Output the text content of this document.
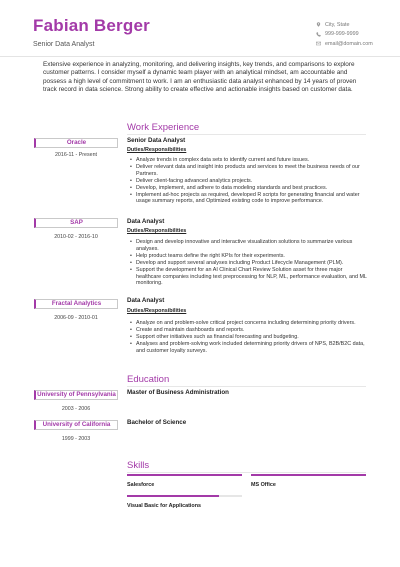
Fabian Berger
Senior Data Analyst
City, State
999-999-9999
email@domain.com
Extensive experience in analyzing, monitoring, and delivering insights, key trends, and comparisons to explore customer patterns. I consider myself a dynamic team player with an analytical mindset, am accountable and possess a high level of commitment to work. I am an enthusiastic data analyst enhanced by 14 years of proven track record in data science. Strong ability to create effective and actionable insights based on customer data.
Work Experience
Oracle
2016-11 - Present
Senior Data Analyst
Duties/Responsibilities
• Analyze trends in complex data sets to identify current and future issues.
• Deliver relevant data and insight into products and services to meet the business needs of our Partners.
• Deliver client-facing advanced analytics projects.
• Develop, implement, and adhere to data modeling standards and best practices.
• Implement ad-hoc projects as required, developed R scripts for generating financial and water usage summary reports, and Optimized existing code to improve performance.
SAP
2010-02 - 2016-10
Data Analyst
Duties/Responsibilities
• Design and develop innovative and interactive visualization solutions to summarize various analyses.
• Help product teams define the right KPIs for their experiments.
• Develop and support several analyses including Product Lifecycle Management (PLM).
• Support the development for an AI Clinical Chart Review Solution asset for three major healthcare companies including text preprocessing for NLP, ML, performance evaluation, and ML monitoring.
Fractal Analytics
2006-09 - 2010-01
Data Analyst
Duties/Responsibilities
• Analyze on and problem-solve critical project concerns including determining priority drivers.
• Create and maintain dashboards and reports.
• Support other initiatives such as financial forecasting and budgeting.
• Analyses and problem-solving work included determining priority drivers of NPS, B2B/B2C data, and customer loyalty surveys.
Education
University of Pennsylvania
2003 - 2006
Master of Business Administration
University of California
1999 - 2003
Bachelor of Science
Skills
Salesforce	MS Office
Visual Basic for Applications
